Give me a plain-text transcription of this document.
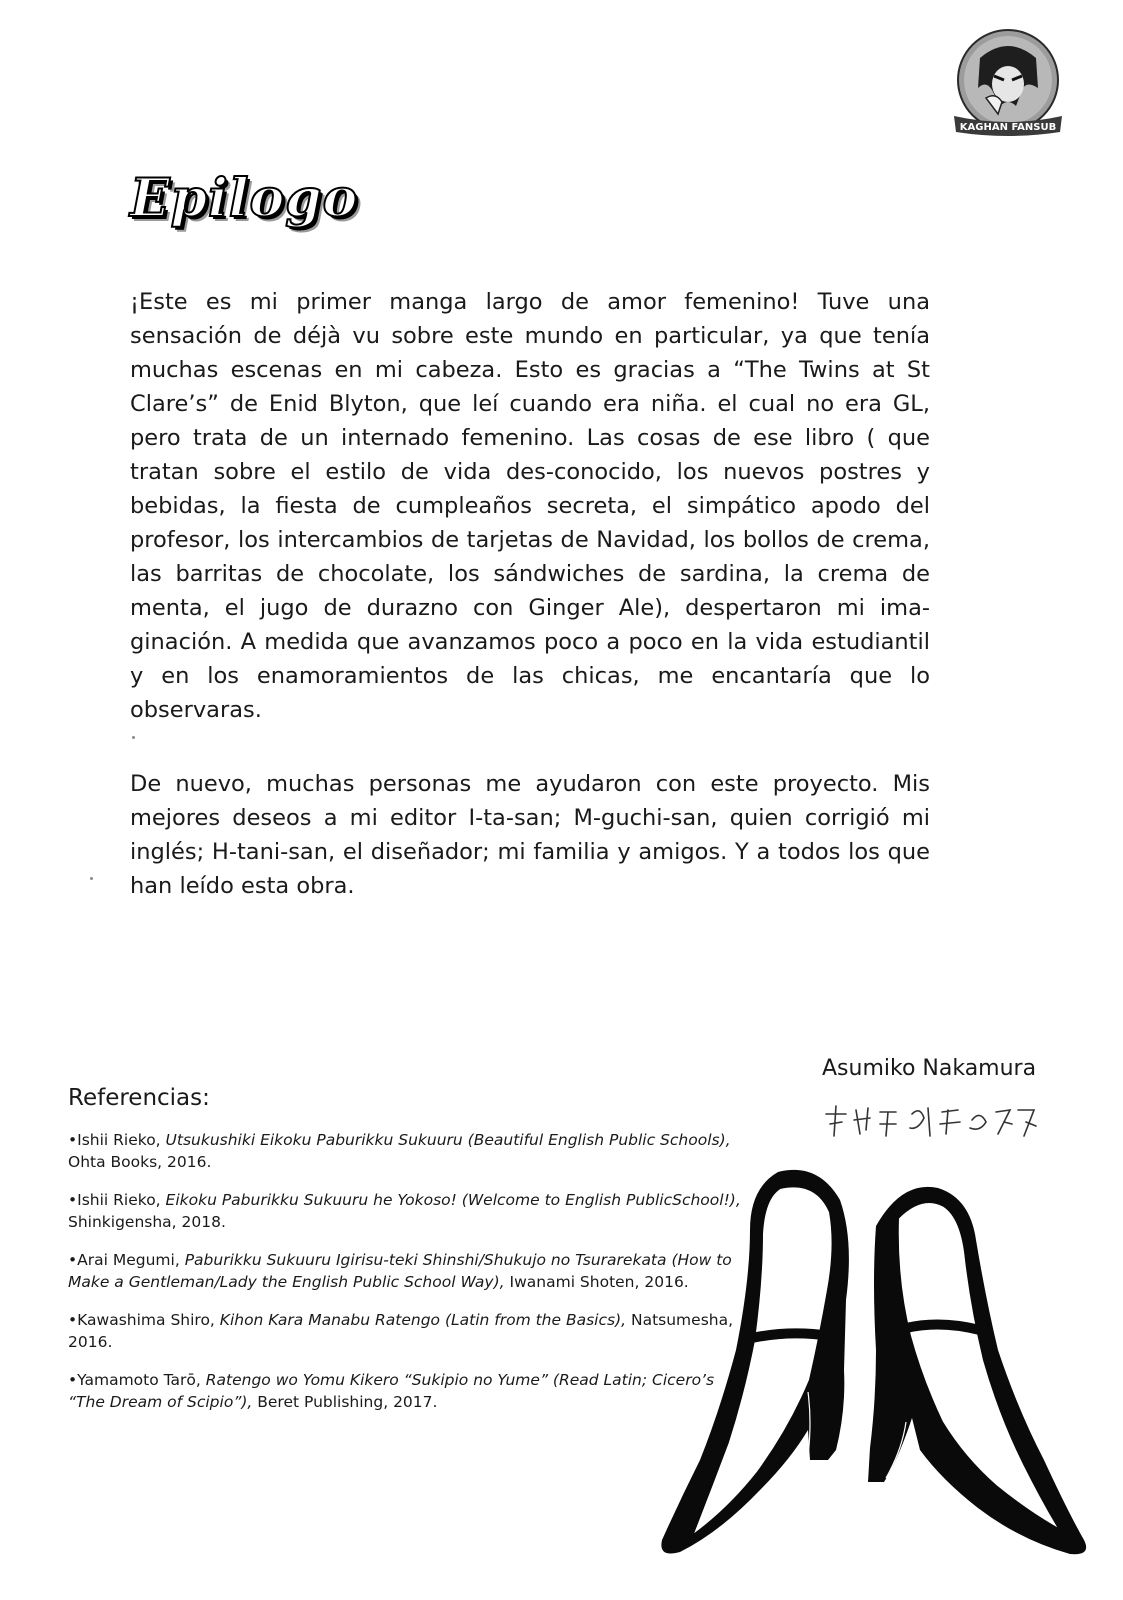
KAGHAN FANSUB
Epilogo

¡Este es mi primer manga largo de amor femenino! Tuve una sensación de déjà vu sobre este mundo en particular, ya que tenía muchas escenas en mi cabeza. Esto es gracias a “The Twins at St Clare’s” de Enid Blyton, que leí cuando era niña. el cual no era GL, pero trata de un internado femenino. Las cosas de ese libro ( que tratan sobre el estilo de vida des-conocido, los nuevos postres y bebidas, la fiesta de cumpleaños secreta, el simpático apodo del profesor, los intercambios de tarjetas de Navidad, los bollos de crema, las barritas de chocolate, los sándwiches de sardina, la crema de menta, el jugo de durazno con Ginger Ale), despertaron mi ima-ginación. A medida que avanzamos poco a poco en la vida estudiantil y en los enamoramientos de las chicas, me encantaría que lo observaras.

De nuevo, muchas personas me ayudaron con este proyecto. Mis mejores deseos a mi editor I-ta-san; M-guchi-san, quien corrigió mi inglés; H-tani-san, el diseñador; mi familia y amigos. Y a todos los que han leído esta obra.

Asumiko Nakamura
Referencias:
•Ishii Rieko, Utsukushiki Eikoku Paburikku Sukuuru (Beautiful English Public Schools), Ohta Books, 2016.
•Ishii Rieko, Eikoku Paburikku Sukuuru he Yokoso! (Welcome to English PublicSchool!), Shinkigensha, 2018.
•Arai Megumi, Paburikku Sukuuru Igirisu-teki Shinshi/Shukujo no Tsurarekata (How to Make a Gentleman/Lady the English Public School Way), Iwanami Shoten, 2016.
•Kawashima Shiro, Kihon Kara Manabu Ratengo (Latin from the Basics), Natsumesha, 2016.
•Yamamoto Tarō, Ratengo wo Yomu Kikero “Sukipio no Yume” (Read Latin; Cicero’s “The Dream of Scipio”), Beret Publishing, 2017.
